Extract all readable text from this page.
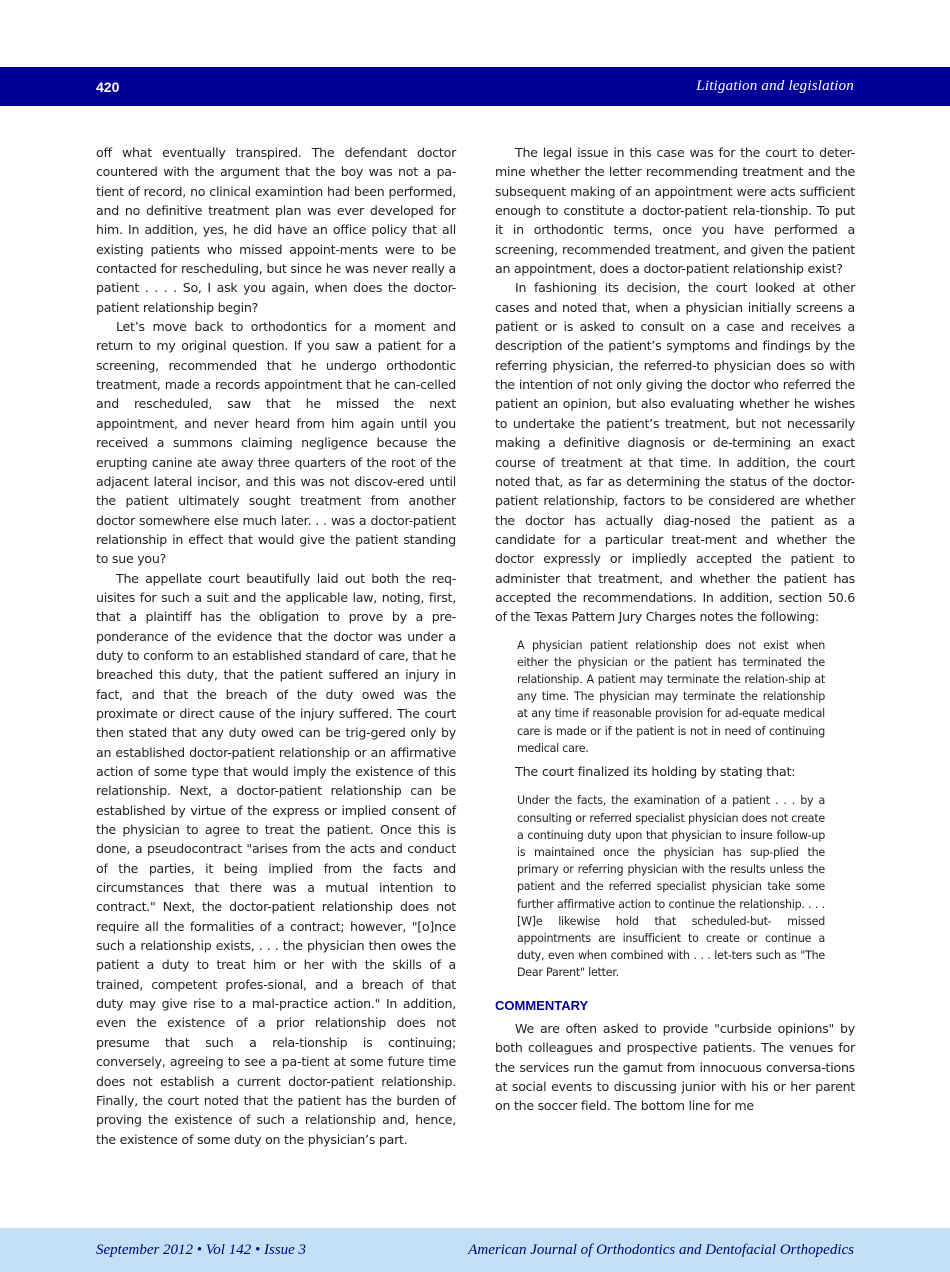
420	Litigation and legislation

off what eventually transpired. The defendant doctor countered with the argument that the boy was not a pa-tient of record, no clinical examintion had been performed, and no definitive treatment plan was ever developed for him. In addition, yes, he did have an office policy that all existing patients who missed appoint-ments were to be contacted for rescheduling, but since he was never really a patient . . . . So, I ask you again, when does the doctor-patient relationship begin?

Let’s move back to orthodontics for a moment and return to my original question. If you saw a patient for a screening, recommended that he undergo orthodontic treatment, made a records appointment that he can-celled and rescheduled, saw that he missed the next appointment, and never heard from him again until you received a summons claiming negligence because the erupting canine ate away three quarters of the root of the adjacent lateral incisor, and this was not discov-ered until the patient ultimately sought treatment from another doctor somewhere else much later. . . was a doctor-patient relationship in effect that would give the patient standing to sue you?

The appellate court beautifully laid out both the req-uisites for such a suit and the applicable law, noting, first, that a plaintiff has the obligation to prove by a pre-ponderance of the evidence that the doctor was under a duty to conform to an established standard of care, that he breached this duty, that the patient suffered an injury in fact, and that the breach of the duty owed was the proximate or direct cause of the injury suffered. The court then stated that any duty owed can be trig-gered only by an established doctor-patient relationship or an affirmative action of some type that would imply the existence of this relationship. Next, a doctor-patient relationship can be established by virtue of the express or implied consent of the physician to agree to treat the patient. Once this is done, a pseudocontract "arises from the acts and conduct of the parties, it being implied from the facts and circumstances that there was a mutual intention to contract." Next, the doctor-patient relationship does not require all the formalities of a contract; however, "[o]nce such a relationship exists, . . . the physician then owes the patient a duty to treat him or her with the skills of a trained, competent profes-sional, and a breach of that duty may give rise to a mal-practice action." In addition, even the existence of a prior relationship does not presume that such a rela-tionship is continuing; conversely, agreeing to see a pa-tient at some future time does not establish a current doctor-patient relationship. Finally, the court noted that the patient has the burden of proving the existence of such a relationship and, hence, the existence of some duty on the physician’s part.

The legal issue in this case was for the court to deter-mine whether the letter recommending treatment and the subsequent making of an appointment were acts sufficient enough to constitute a doctor-patient rela-tionship. To put it in orthodontic terms, once you have performed a screening, recommended treatment, and given the patient an appointment, does a doctor-patient relationship exist?

In fashioning its decision, the court looked at other cases and noted that, when a physician initially screens a patient or is asked to consult on a case and receives a description of the patient’s symptoms and findings by the referring physician, the referred-to physician does so with the intention of not only giving the doctor who referred the patient an opinion, but also evaluating whether he wishes to undertake the patient’s treatment, but not necessarily making a definitive diagnosis or de-termining an exact course of treatment at that time. In addition, the court noted that, as far as determining the status of the doctor-patient relationship, factors to be considered are whether the doctor has actually diag-nosed the patient as a candidate for a particular treat-ment and whether the doctor expressly or impliedly accepted the patient to administer that treatment, and whether the patient has accepted the recommendations. In addition, section 50.6 of the Texas Pattern Jury Charges notes the following:

A physician patient relationship does not exist when either the physician or the patient has terminated the relationship. A patient may terminate the relation-ship at any time. The physician may terminate the relationship at any time if reasonable provision for ad-equate medical care is made or if the patient is not in need of continuing medical care.

The court finalized its holding by stating that:

Under the facts, the examination of a patient . . . by a consulting or referred specialist physician does not create a continuing duty upon that physician to insure follow-up is maintained once the physician has sup-plied the primary or referring physician with the results unless the patient and the referred specialist physician take some further affirmative action to continue the relationship. . . . [W]e likewise hold that scheduled-but- missed appointments are insufficient to create or continue a duty, even when combined with . . . let-ters such as "The Dear Parent" letter.

COMMENTARY

We are often asked to provide "curbside opinions" by both colleagues and prospective patients. The venues for the services run the gamut from innocuous conversa-tions at social events to discussing junior with his or her parent on the soccer field. The bottom line for me

September 2012 • Vol 142 • Issue 3	American Journal of Orthodontics and Dentofacial Orthopedics
